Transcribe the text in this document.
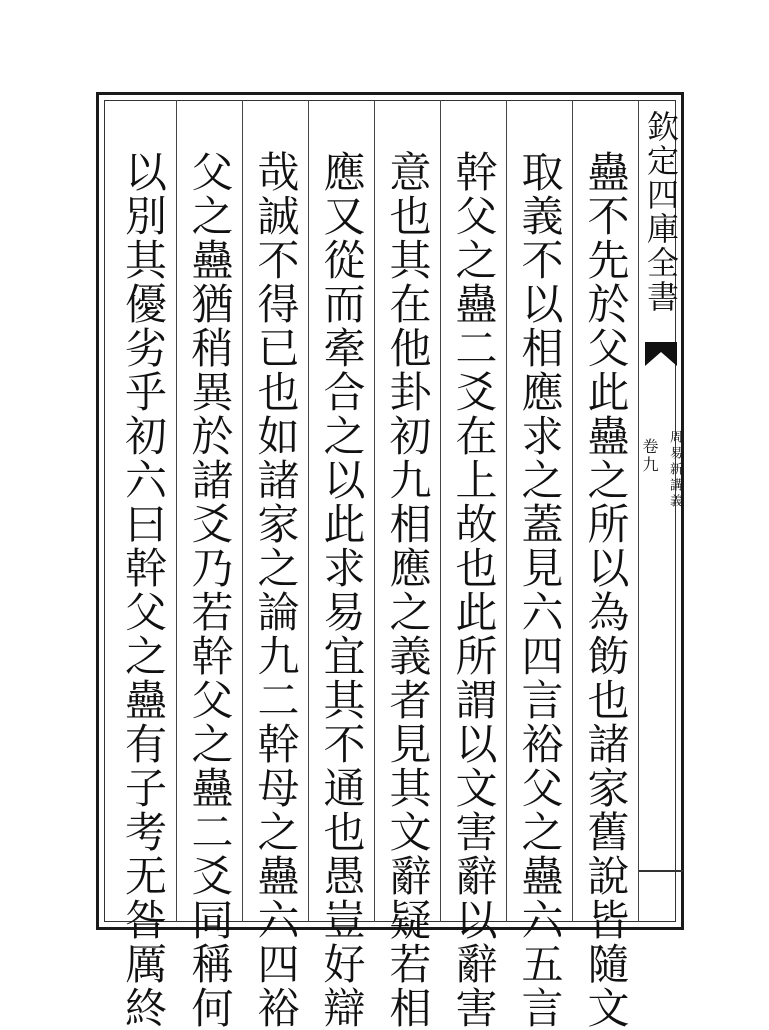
蠱不先於父此蠱之所以為飭也諸家舊說皆隨文
取義不以相應求之蓋見六四言裕父之蠱六五言
幹父之蠱二爻在上故也此所謂以文害辭以辭害
意也其在他卦初九相應之義者見其文辭疑若相
應又從而牽合之以此求易宜其不通也愚豈好辯
哉誠不得已也如諸家之論九二幹母之蠱六四裕
父之蠱猶稍異於諸爻乃若幹父之蠱二爻同稱何
以別其優劣乎初六曰幹父之蠱有子考无咎厲終	欽定四庫全書
周易新講義
卷九
